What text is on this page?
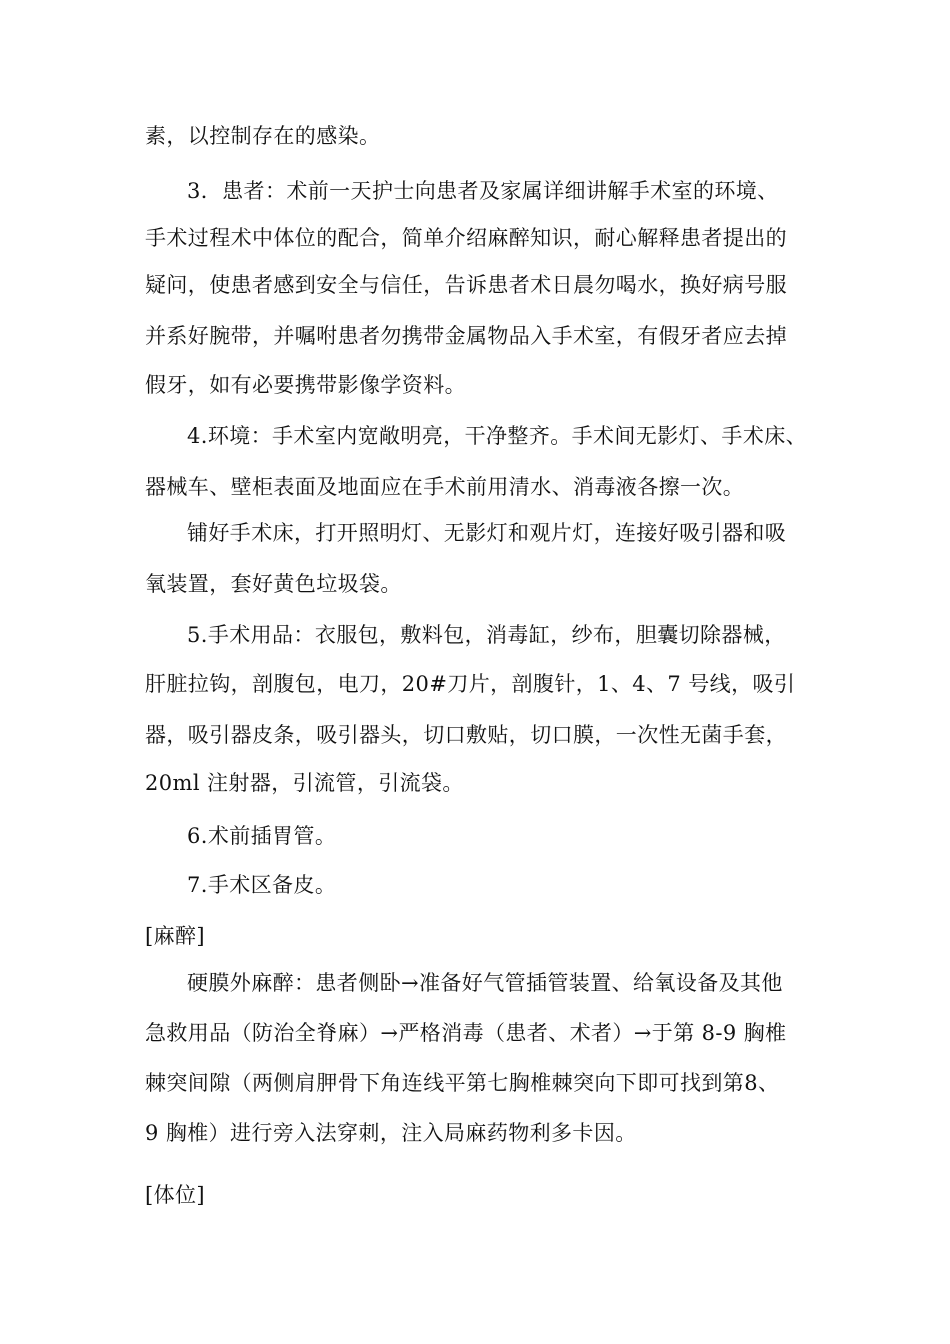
素，以控制存在的感染。
3．患者：术前一天护士向患者及家属详细讲解手术室的环境、
手术过程术中体位的配合，简单介绍麻醉知识，耐心解释患者提出的
疑问，使患者感到安全与信任，告诉患者术日晨勿喝水，换好病号服
并系好腕带，并嘱咐患者勿携带金属物品入手术室，有假牙者应去掉
假牙，如有必要携带影像学资料。
4.环境：手术室内宽敞明亮，干净整齐。手术间无影灯、手术床、
器械车、壁柜表面及地面应在手术前用清水、消毒液各擦一次。
铺好手术床，打开照明灯、无影灯和观片灯，连接好吸引器和吸
氧装置，套好黄色垃圾袋。
5.手术用品：衣服包，敷料包，消毒缸，纱布，胆囊切除器械，
肝脏拉钩，剖腹包，电刀，20#刀片，剖腹针，1、4、7 号线，吸引
器，吸引器皮条，吸引器头，切口敷贴，切口膜，一次性无菌手套，
20ml 注射器，引流管，引流袋。
6.术前插胃管。
7.手术区备皮。
[麻醉]
硬膜外麻醉：患者侧卧→准备好气管插管装置、给氧设备及其他
急救用品（防治全脊麻）→严格消毒（患者、术者）→于第 8-9 胸椎
棘突间隙（两侧肩胛骨下角连线平第七胸椎棘突向下即可找到第8、
9 胸椎）进行旁入法穿刺，注入局麻药物利多卡因。
[体位]
